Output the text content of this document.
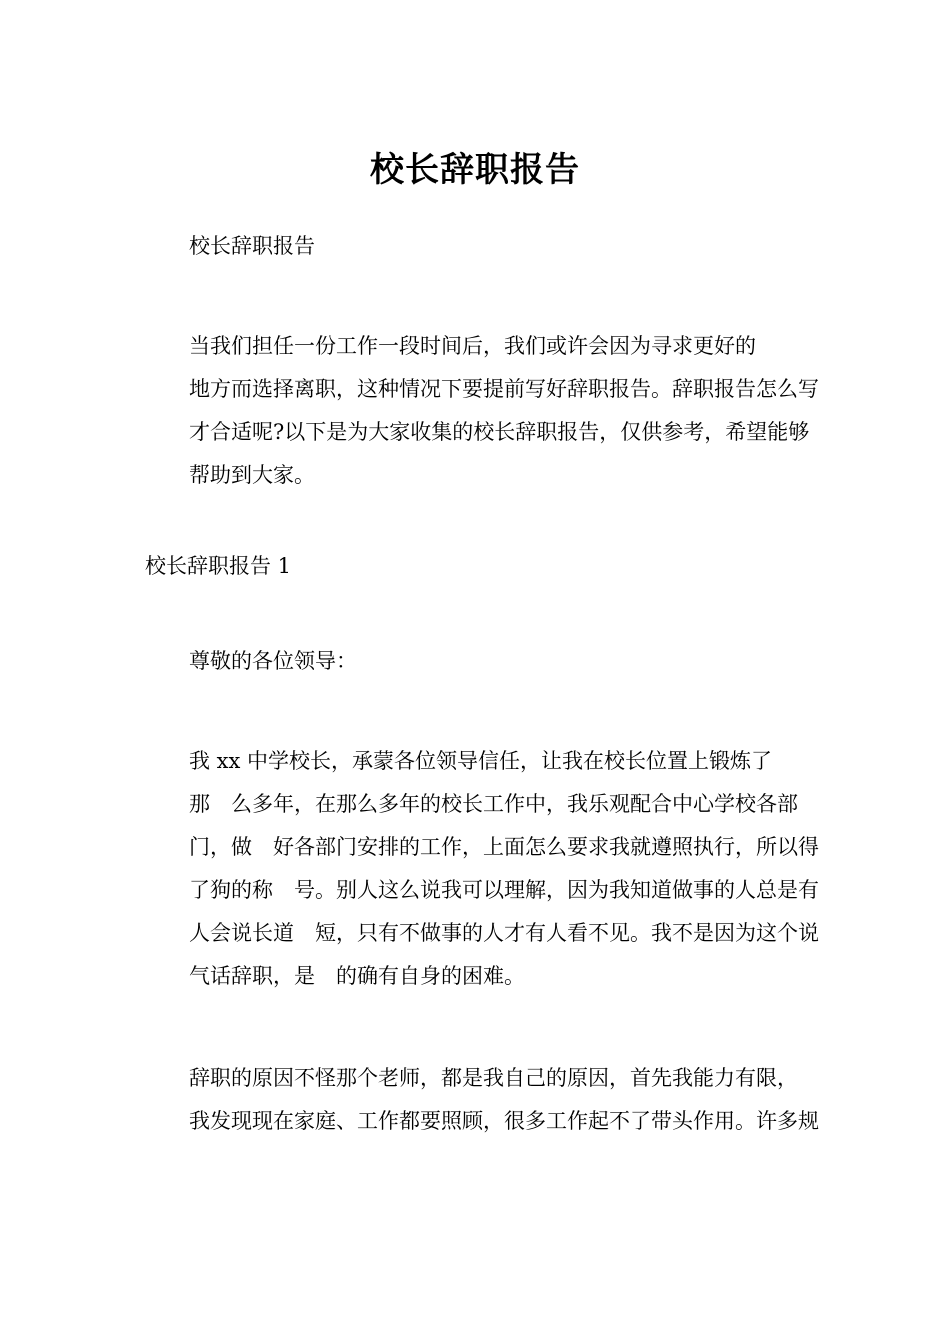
校长辞职报告

校长辞职报告

当我们担任一份工作一段时间后，我们或许会因为寻求更好的
地方而选择离职，这种情况下要提前写好辞职报告。辞职报告怎么写
才合适呢?以下是为大家收集的校长辞职报告，仅供参考，希望能够
帮助到大家。

校长辞职报告 1

尊敬的各位领导：

我 xx 中学校长，承蒙各位领导信任，让我在校长位置上锻炼了
那　么多年，在那么多年的校长工作中，我乐观配合中心学校各部
门，做　好各部门安排的工作，上面怎么要求我就遵照执行，所以得
了狗的称　号。别人这么说我可以理解，因为我知道做事的人总是有
人会说长道　短，只有不做事的人才有人看不见。我不是因为这个说
气话辞职，是　的确有自身的困难。
辞职的原因不怪那个老师，都是我自己的原因，首先我能力有限，
我发现现在家庭、工作都要照顾，很多工作起不了带头作用。许多规
